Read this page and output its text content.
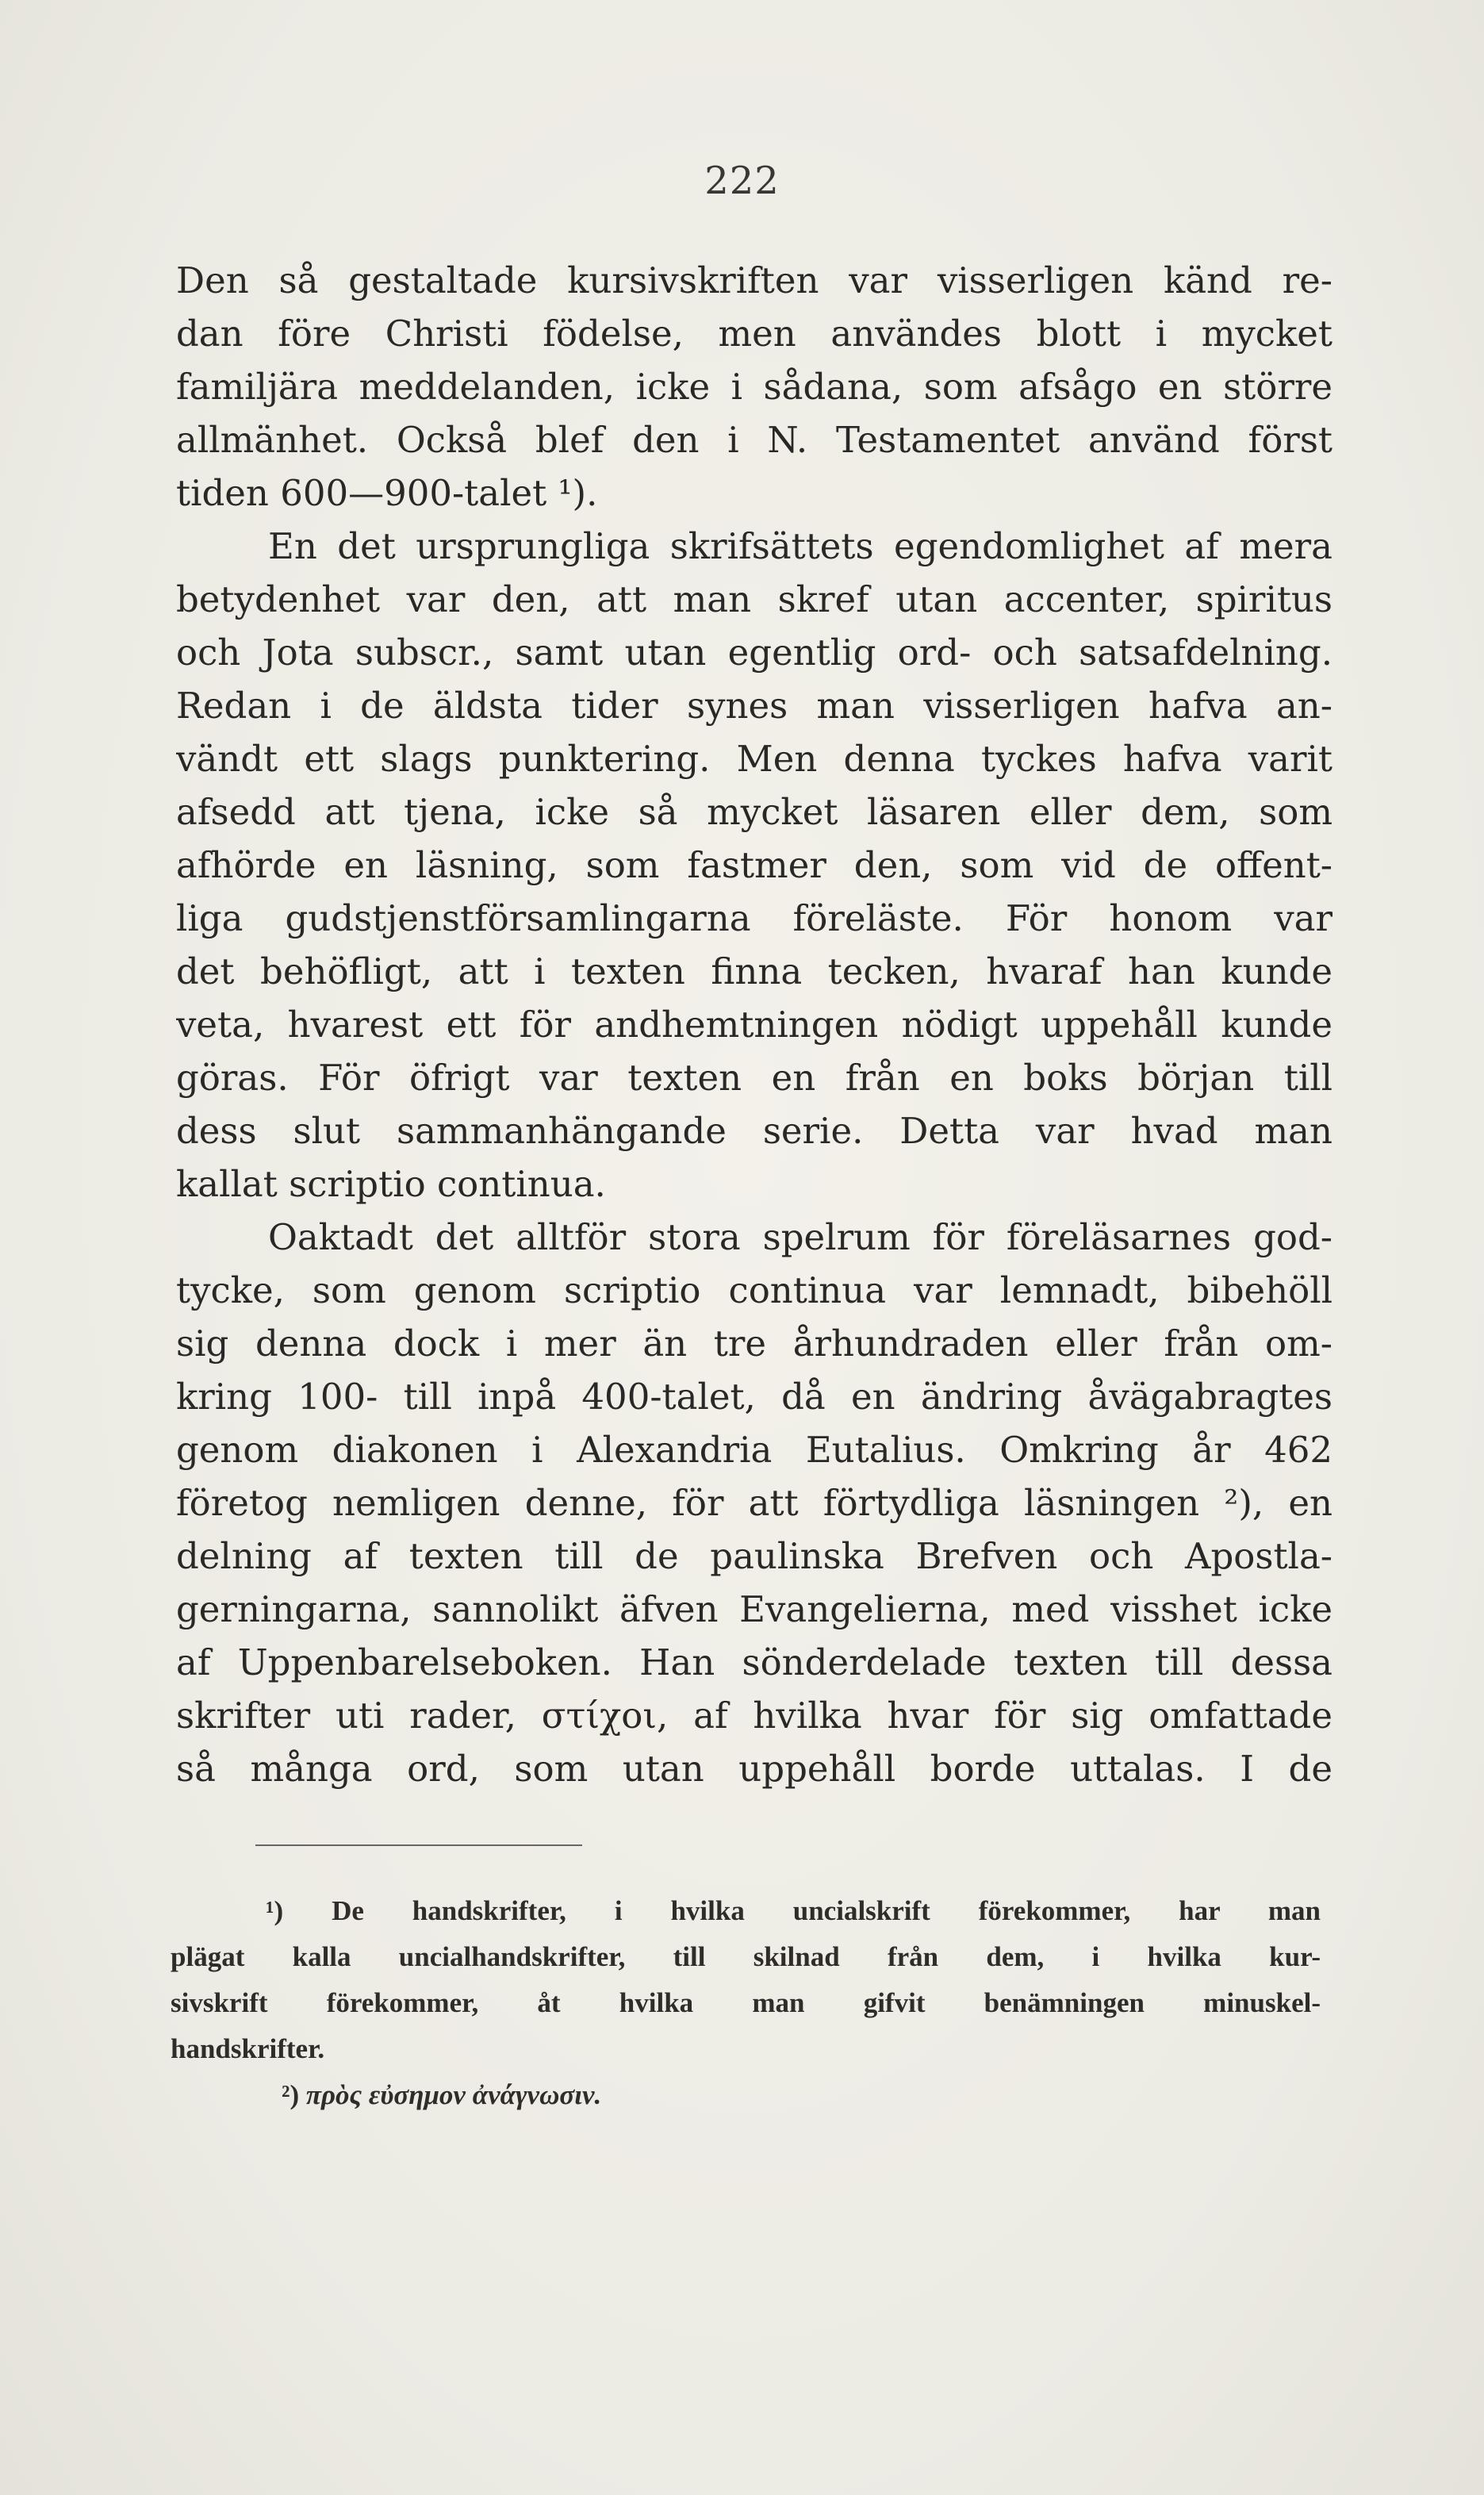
222
Den så gestaltade kursivskriften var visserligen känd re-
dan före Christi födelse, men användes blott i mycket
familjära meddelanden, icke i sådana, som afsågo en större
allmänhet. Också blef den i N. Testamentet använd först
tiden 600—900-talet ¹).
En det ursprungliga skrifsättets egendomlighet af mera
betydenhet var den, att man skref utan accenter, spiritus
och Jota subscr., samt utan egentlig ord- och satsafdelning.
Redan i de äldsta tider synes man visserligen hafva an-
vändt ett slags punktering. Men denna tyckes hafva varit
afsedd att tjena, icke så mycket läsaren eller dem, som
afhörde en läsning, som fastmer den, som vid de offent-
liga gudstjenstförsamlingarna föreläste. För honom var
det behöfligt, att i texten finna tecken, hvaraf han kunde
veta, hvarest ett för andhemtningen nödigt uppehåll kunde
göras. För öfrigt var texten en från en boks början till
dess slut sammanhängande serie. Detta var hvad man
kallat scriptio continua.
Oaktadt det alltför stora spelrum för föreläsarnes god-
tycke, som genom scriptio continua var lemnadt, bibehöll
sig denna dock i mer än tre århundraden eller från om-
kring 100- till inpå 400-talet, då en ändring åvägabragtes
genom diakonen i Alexandria Eutalius. Omkring år 462
företog nemligen denne, för att förtydliga läsningen ²), en
delning af texten till de paulinska Brefven och Apostla-
gerningarna, sannolikt äfven Evangelierna, med visshet icke
af Uppenbarelseboken. Han sönderdelade texten till dessa
skrifter uti rader, στίχοι, af hvilka hvar för sig omfattade
så många ord, som utan uppehåll borde uttalas. I de
¹) De handskrifter, i hvilka uncialskrift förekommer, har man
plägat kalla uncialhandskrifter, till skilnad från dem, i hvilka kur-
sivskrift förekommer, åt hvilka man gifvit benämningen minuskel-
handskrifter.
²) πρὸς εὐσημον ἀνάγνωσιν.
